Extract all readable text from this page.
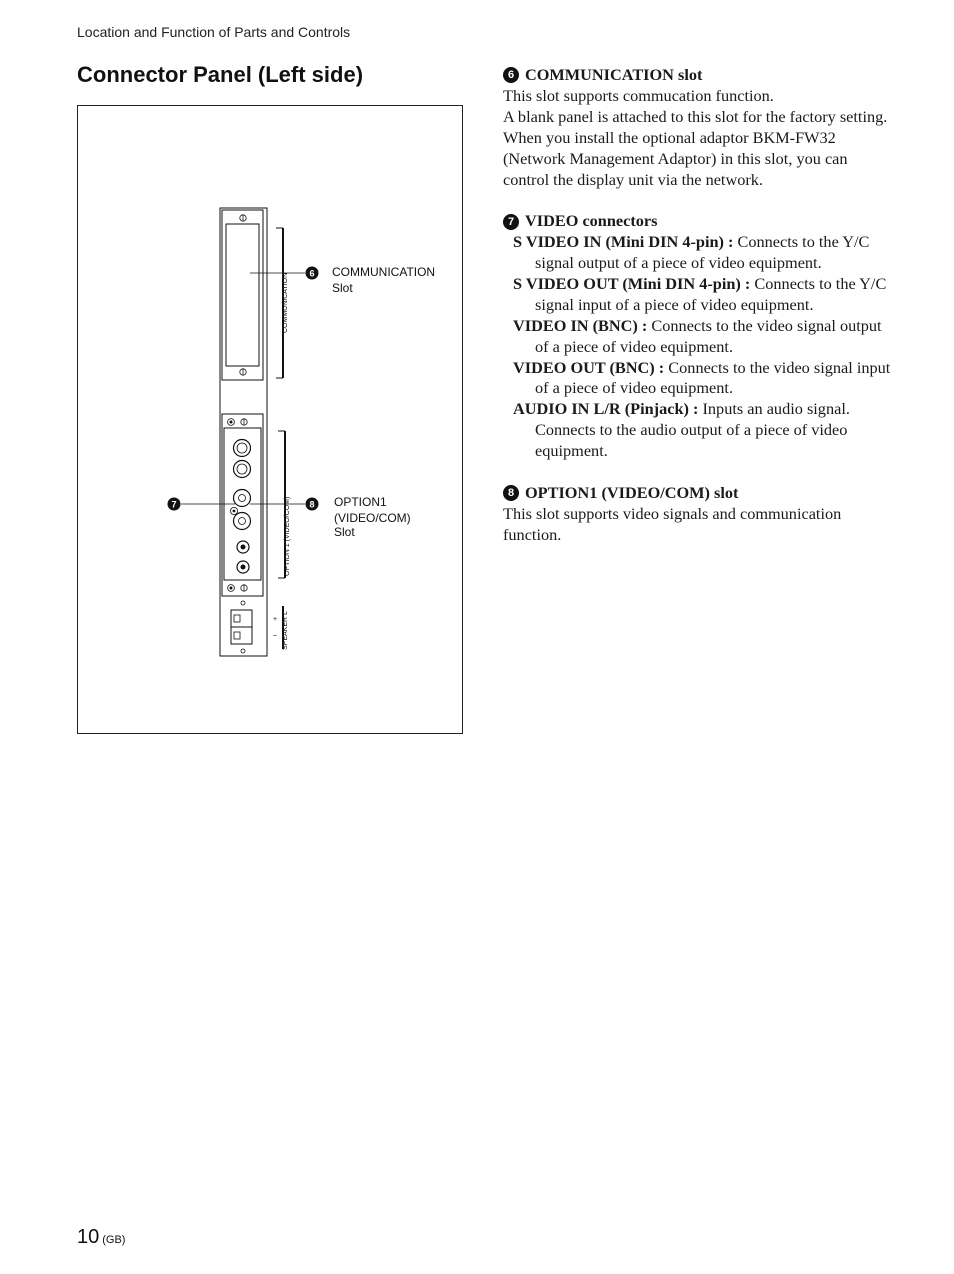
Location and Function of Parts and Controls
Connector Panel (Left side)
COMMUNICATION
OPTION 1 (VIDEO/COM)
+
– SPEAKER L
6 COMMUNICATION
Slot
7	8 OPTION1
(VIDEO/COM)
Slot
6 COMMUNICATION slot

This slot supports commucation function.

A blank panel is attached to this slot for the factory setting.

When you install the optional adaptor BKM-FW32 (Network Management Adaptor) in this slot, you can control the display unit via the network.

7 VIDEO connectors

S VIDEO IN (Mini DIN 4-pin) : Connects to the Y/C signal output of a piece of video equipment.

S VIDEO OUT (Mini DIN 4-pin) : Connects to the Y/C signal input of a piece of video equipment.

VIDEO IN (BNC) : Connects to the video signal output of a piece of video equipment.

VIDEO OUT (BNC) : Connects to the video signal input of a piece of video equipment.

AUDIO IN L/R (Pinjack) : Inputs an audio signal. Connects to the audio output of a piece of video equipment.

8 OPTION1 (VIDEO/COM) slot

This slot supports video signals and communication function.

10 (GB)
